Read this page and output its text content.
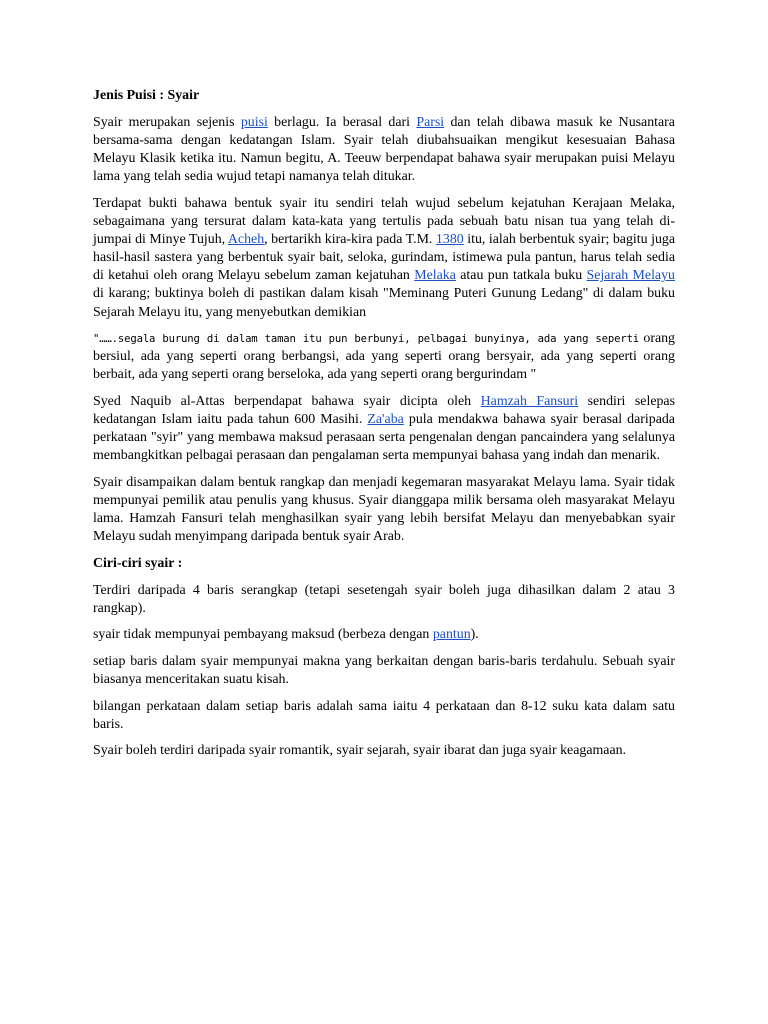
Jenis Puisi : Syair

Syair merupakan sejenis puisi berlagu. Ia berasal dari Parsi dan telah dibawa masuk ke Nusantara bersama-sama dengan kedatangan Islam. Syair telah diubahsuaikan mengikut kesesuaian Bahasa Melayu Klasik ketika itu. Namun begitu, A. Teeuw berpendapat bahawa syair merupakan puisi Melayu lama yang telah sedia wujud tetapi namanya telah ditukar.

Terdapat bukti bahawa bentuk syair itu sendiri telah wujud sebelum kejatuhan Kerajaan Melaka, sebagaimana yang tersurat dalam kata-kata yang tertulis pada sebuah batu nisan tua yang telah di-jumpai di Minye Tujuh, Acheh, bertarikh kira-kira pada T.M. 1380 itu, ialah berbentuk syair; bagitu juga hasil-hasil sastera yang berbentuk syair bait, seloka, gurindam, istimewa pula pantun, harus telah sedia di ketahui oleh orang Melayu sebelum zaman kejatuhan Melaka atau pun tatkala buku Sejarah Melayu di karang; buktinya boleh di pastikan dalam kisah "Meminang Puteri Gunung Ledang" di dalam buku Sejarah Melayu itu, yang menyebutkan demikian

"…….segala burung di dalam taman itu pun berbunyi, pelbagai bunyinya, ada yang seperti orang bersiul, ada yang seperti orang berbangsi, ada yang seperti orang bersyair, ada yang seperti orang berbait, ada yang seperti orang berseloka, ada yang seperti orang bergurindam "

Syed Naquib al-Attas berpendapat bahawa syair dicipta oleh Hamzah Fansuri sendiri selepas kedatangan Islam iaitu pada tahun 600 Masihi. Za'aba pula mendakwa bahawa syair berasal daripada perkataan "syir" yang membawa maksud perasaan serta pengenalan dengan pancaindera yang selalunya membangkitkan pelbagai perasaan dan pengalaman serta mempunyai bahasa yang indah dan menarik.

Syair disampaikan dalam bentuk rangkap dan menjadi kegemaran masyarakat Melayu lama. Syair tidak mempunyai pemilik atau penulis yang khusus. Syair dianggapa milik bersama oleh masyarakat Melayu lama. Hamzah Fansuri telah menghasilkan syair yang lebih bersifat Melayu dan menyebabkan syair Melayu sudah menyimpang daripada bentuk syair Arab.

Ciri-ciri syair :

Terdiri daripada 4 baris serangkap (tetapi sesetengah syair boleh juga dihasilkan dalam 2 atau 3 rangkap).

syair tidak mempunyai pembayang maksud (berbeza dengan pantun).

setiap baris dalam syair mempunyai makna yang berkaitan dengan baris-baris terdahulu. Sebuah syair biasanya menceritakan suatu kisah.

bilangan perkataan dalam setiap baris adalah sama iaitu 4 perkataan dan 8-12 suku kata dalam satu baris.

Syair boleh terdiri daripada syair romantik, syair sejarah, syair ibarat dan juga syair keagamaan.
